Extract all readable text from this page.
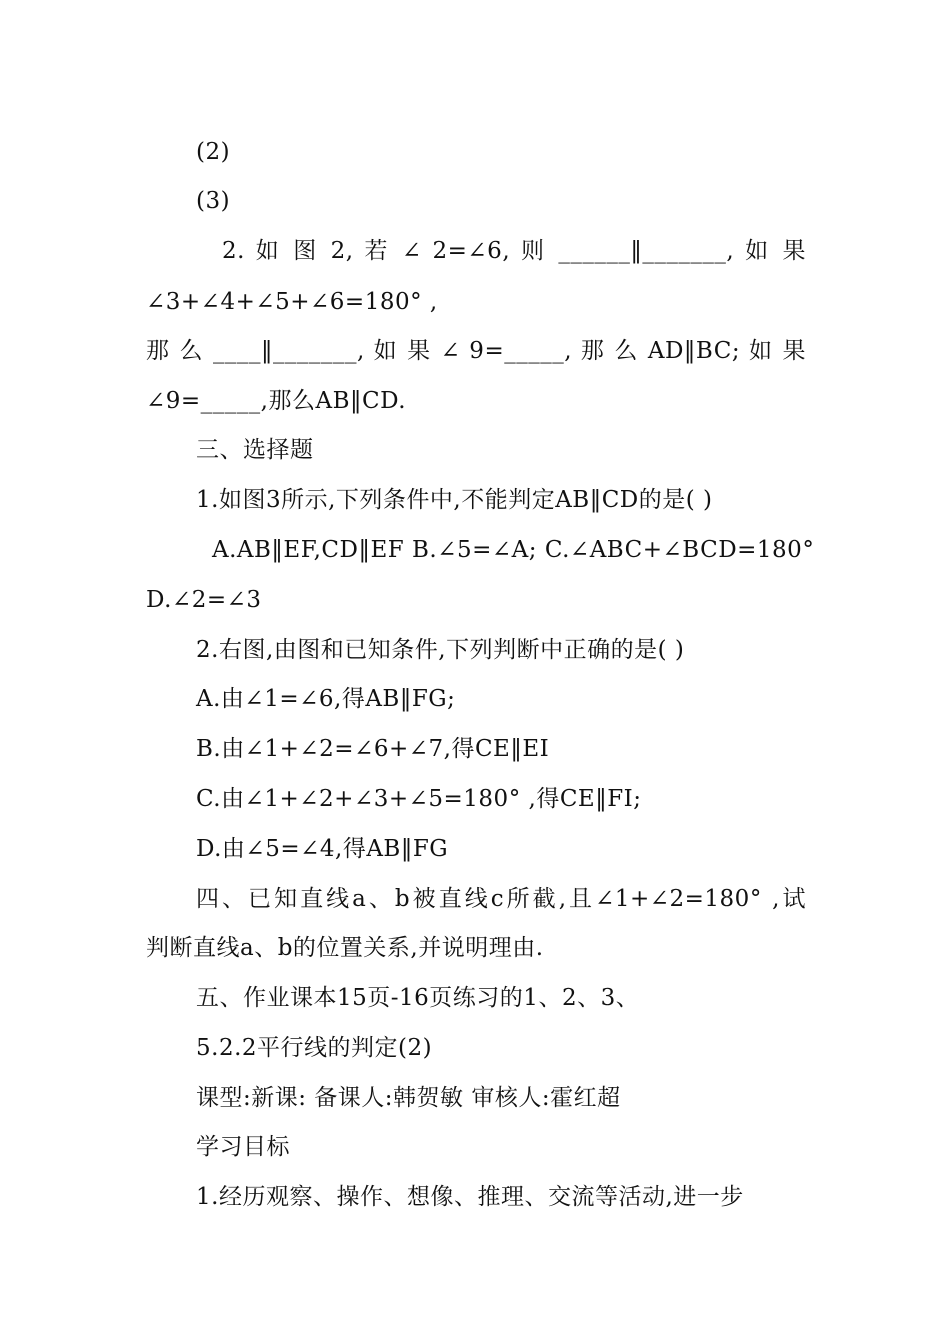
(2)
(3)
2. 如 图 2, 若 ∠ 2=∠6, 则 ______‖_______, 如 果
∠3+∠4+∠5+∠6=180° ,
那 么 ____‖_______, 如 果 ∠ 9=_____, 那 么 AD‖BC; 如 果
∠9=_____,那么AB‖CD.
三、选择题
1.如图3所示,下列条件中,不能判定AB‖CD的是( )
A.AB‖EF,CD‖EF B.∠5=∠A; C.∠ABC+∠BCD=180°
D.∠2=∠3
2.右图,由图和已知条件,下列判断中正确的是( )
A.由∠1=∠6,得AB‖FG;
B.由∠1+∠2=∠6+∠7,得CE‖EI
C.由∠1+∠2+∠3+∠5=180° ,得CE‖FI;
D.由∠5=∠4,得AB‖FG
四、已知直线a、b被直线c所截,且∠1+∠2=180° ,试
判断直线a、b的位置关系,并说明理由.
五、作业课本15页-16页练习的1、2、3、
5.2.2平行线的判定(2)
课型:新课: 备课人:韩贺敏 审核人:霍红超
学习目标
1.经历观察、操作、想像、推理、交流等活动,进一步
